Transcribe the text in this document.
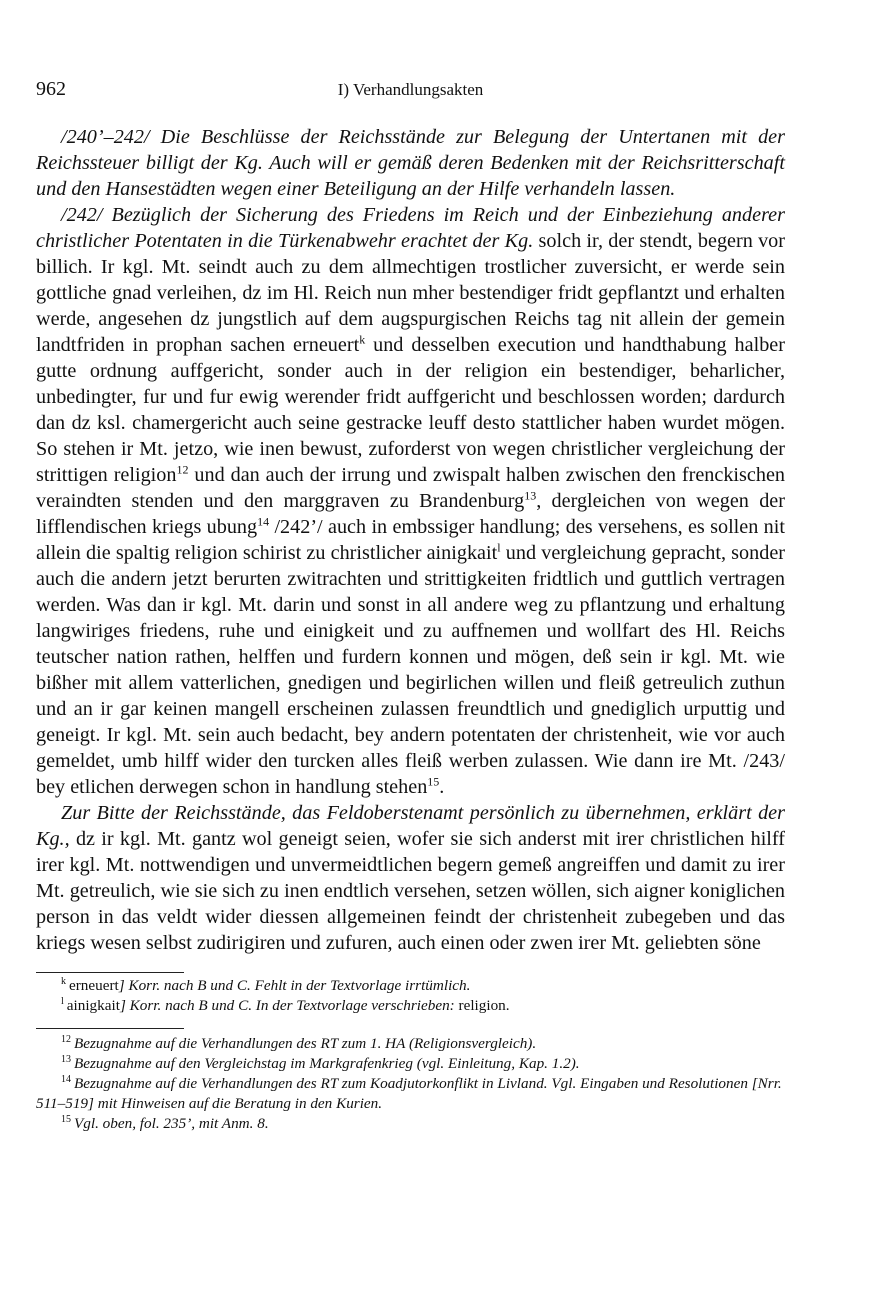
962	I) Verhandlungsakten

/240’–242/ Die Beschlüsse der Reichsstände zur Belegung der Untertanen mit der Reichssteuer billigt der Kg. Auch will er gemäß deren Bedenken mit der Reichsritterschaft und den Hansestädten wegen einer Beteiligung an der Hilfe verhandeln lassen.

/242/ Bezüglich der Sicherung des Friedens im Reich und der Einbeziehung anderer christlicher Potentaten in die Türkenabwehr erachtet der Kg. solch ir, der stendt, begern vor billich. Ir kgl. Mt. seindt auch zu dem allmechtigen trostlicher zuversicht, er werde sein gottliche gnad verleihen, dz im Hl. Reich nun mher bestendiger fridt gepflantzt und erhalten werde, angesehen dz jungstlich auf dem augspurgischen Reichs tag nit allein der gemein landtfriden in prophan sachen erneuert$^k$ und desselben execution und handthabung halber gutte ordnung auffgericht, sonder auch in der religion ein bestendiger, beharlicher, unbedingter, fur und fur ewig werender fridt auffgericht und beschlossen worden; dardurch dan dz ksl. chamergericht auch seine gestracke leuff desto stattlicher haben wurdet mögen. So stehen ir Mt. jetzo, wie inen bewust, zuforderst von wegen christlicher vergleichung der strittigen religion$^{12}$ und dan auch der irrung und zwispalt halben zwischen den frenckischen veraindten stenden und den marggraven zu Brandenburg$^{13}$, dergleichen von wegen der lifflendischen kriegs ubung$^{14}$ /242’/ auch in embssiger handlung; des versehens, es sollen nit allein die spaltig religion schirist zu christlicher ainigkait$^l$ und vergleichung gepracht, sonder auch die andern jetzt berurten zwitrachten und strittigkeiten fridtlich und guttlich vertragen werden. Was dan ir kgl. Mt. darin und sonst in all andere weg zu pflantzung und erhaltung langwiriges friedens, ruhe und einigkeit und zu auffnemen und wollfart des Hl. Reichs teutscher nation rathen, helffen und furdern konnen und mögen, deß sein ir kgl. Mt. wie bißher mit allem vatterlichen, gnedigen und begirlichen willen und fleiß getreulich zuthun und an ir gar keinen mangell erscheinen zulassen freundtlich und gnediglich urputtig und geneigt. Ir kgl. Mt. sein auch bedacht, bey andern potentaten der christenheit, wie vor auch gemeldet, umb hilff wider den turcken alles fleiß werben zulassen. Wie dann ire Mt. /243/ bey etlichen derwegen schon in handlung stehen$^{15}$.

Zur Bitte der Reichsstände, das Feldoberstenamt persönlich zu übernehmen, erklärt der Kg., dz ir kgl. Mt. gantz wol geneigt seien, wofer sie sich anderst mit irer christlichen hilff irer kgl. Mt. nottwendigen und unvermeidtlichen begern gemeß angreiffen und damit zu irer Mt. getreulich, wie sie sich zu inen endtlich versehen, setzen wöllen, sich aigner koniglichen person in das veldt wider diessen allgemeinen feindt der christenheit zubegeben und das kriegs wesen selbst zudirigiren und zufuren, auch einen oder zwen irer Mt. geliebten söne

$^k$ erneuert] Korr. nach B und C. Fehlt in der Textvorlage irrtümlich.

$^l$ ainigkait] Korr. nach B und C. In der Textvorlage verschrieben: religion.

$^{12}$ Bezugnahme auf die Verhandlungen des RT zum 1. HA (Religionsvergleich).

$^{13}$ Bezugnahme auf den Vergleichstag im Markgrafenkrieg (vgl. Einleitung, Kap. 1.2).

$^{14}$ Bezugnahme auf die Verhandlungen des RT zum Koadjutorkonflikt in Livland. Vgl. Eingaben und Resolutionen [Nrr. 511–519] mit Hinweisen auf die Beratung in den Kurien.

$^{15}$ Vgl. oben, fol. 235’, mit Anm. 8.
